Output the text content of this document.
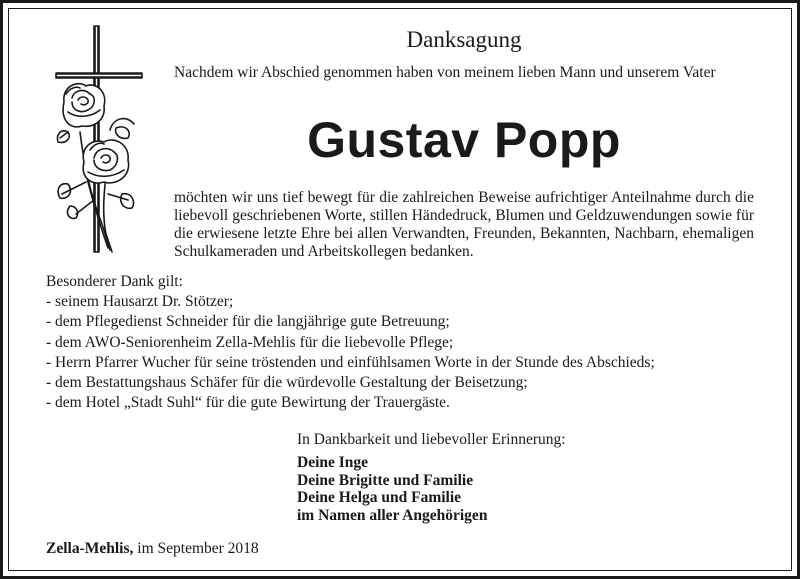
Danksagung
Nachdem wir Abschied genommen haben von meinem lieben Mann und unserem Vater
Gustav Popp
möchten wir uns tief bewegt für die zahlreichen Beweise aufrichtiger Anteilnahme durch die liebevoll geschriebenen Worte, stillen Händedruck, Blumen und Geldzuwendungen sowie für die erwiesene letzte Ehre bei allen Verwandten, Freunden, Bekannten, Nachbarn, ehemaligen Schulkameraden und Arbeitskollegen bedanken.
Besonderer Dank gilt:
- seinem Hausarzt Dr. Stötzer;
- dem Pflegedienst Schneider für die langjährige gute Betreuung;
- dem AWO-Seniorenheim Zella-Mehlis für die liebevolle Pflege;
- Herrn Pfarrer Wucher für seine tröstenden und einfühlsamen Worte in der Stunde des Abschieds;
- dem Bestattungshaus Schäfer für die würdevolle Gestaltung der Beisetzung;
- dem Hotel „Stadt Suhl“ für die gute Bewirtung der Trauergäste.
In Dankbarkeit und liebevoller Erinnerung:
Deine Inge
Deine Brigitte und Familie
Deine Helga und Familie
im Namen aller Angehörigen
Zella-Mehlis, im September 2018
